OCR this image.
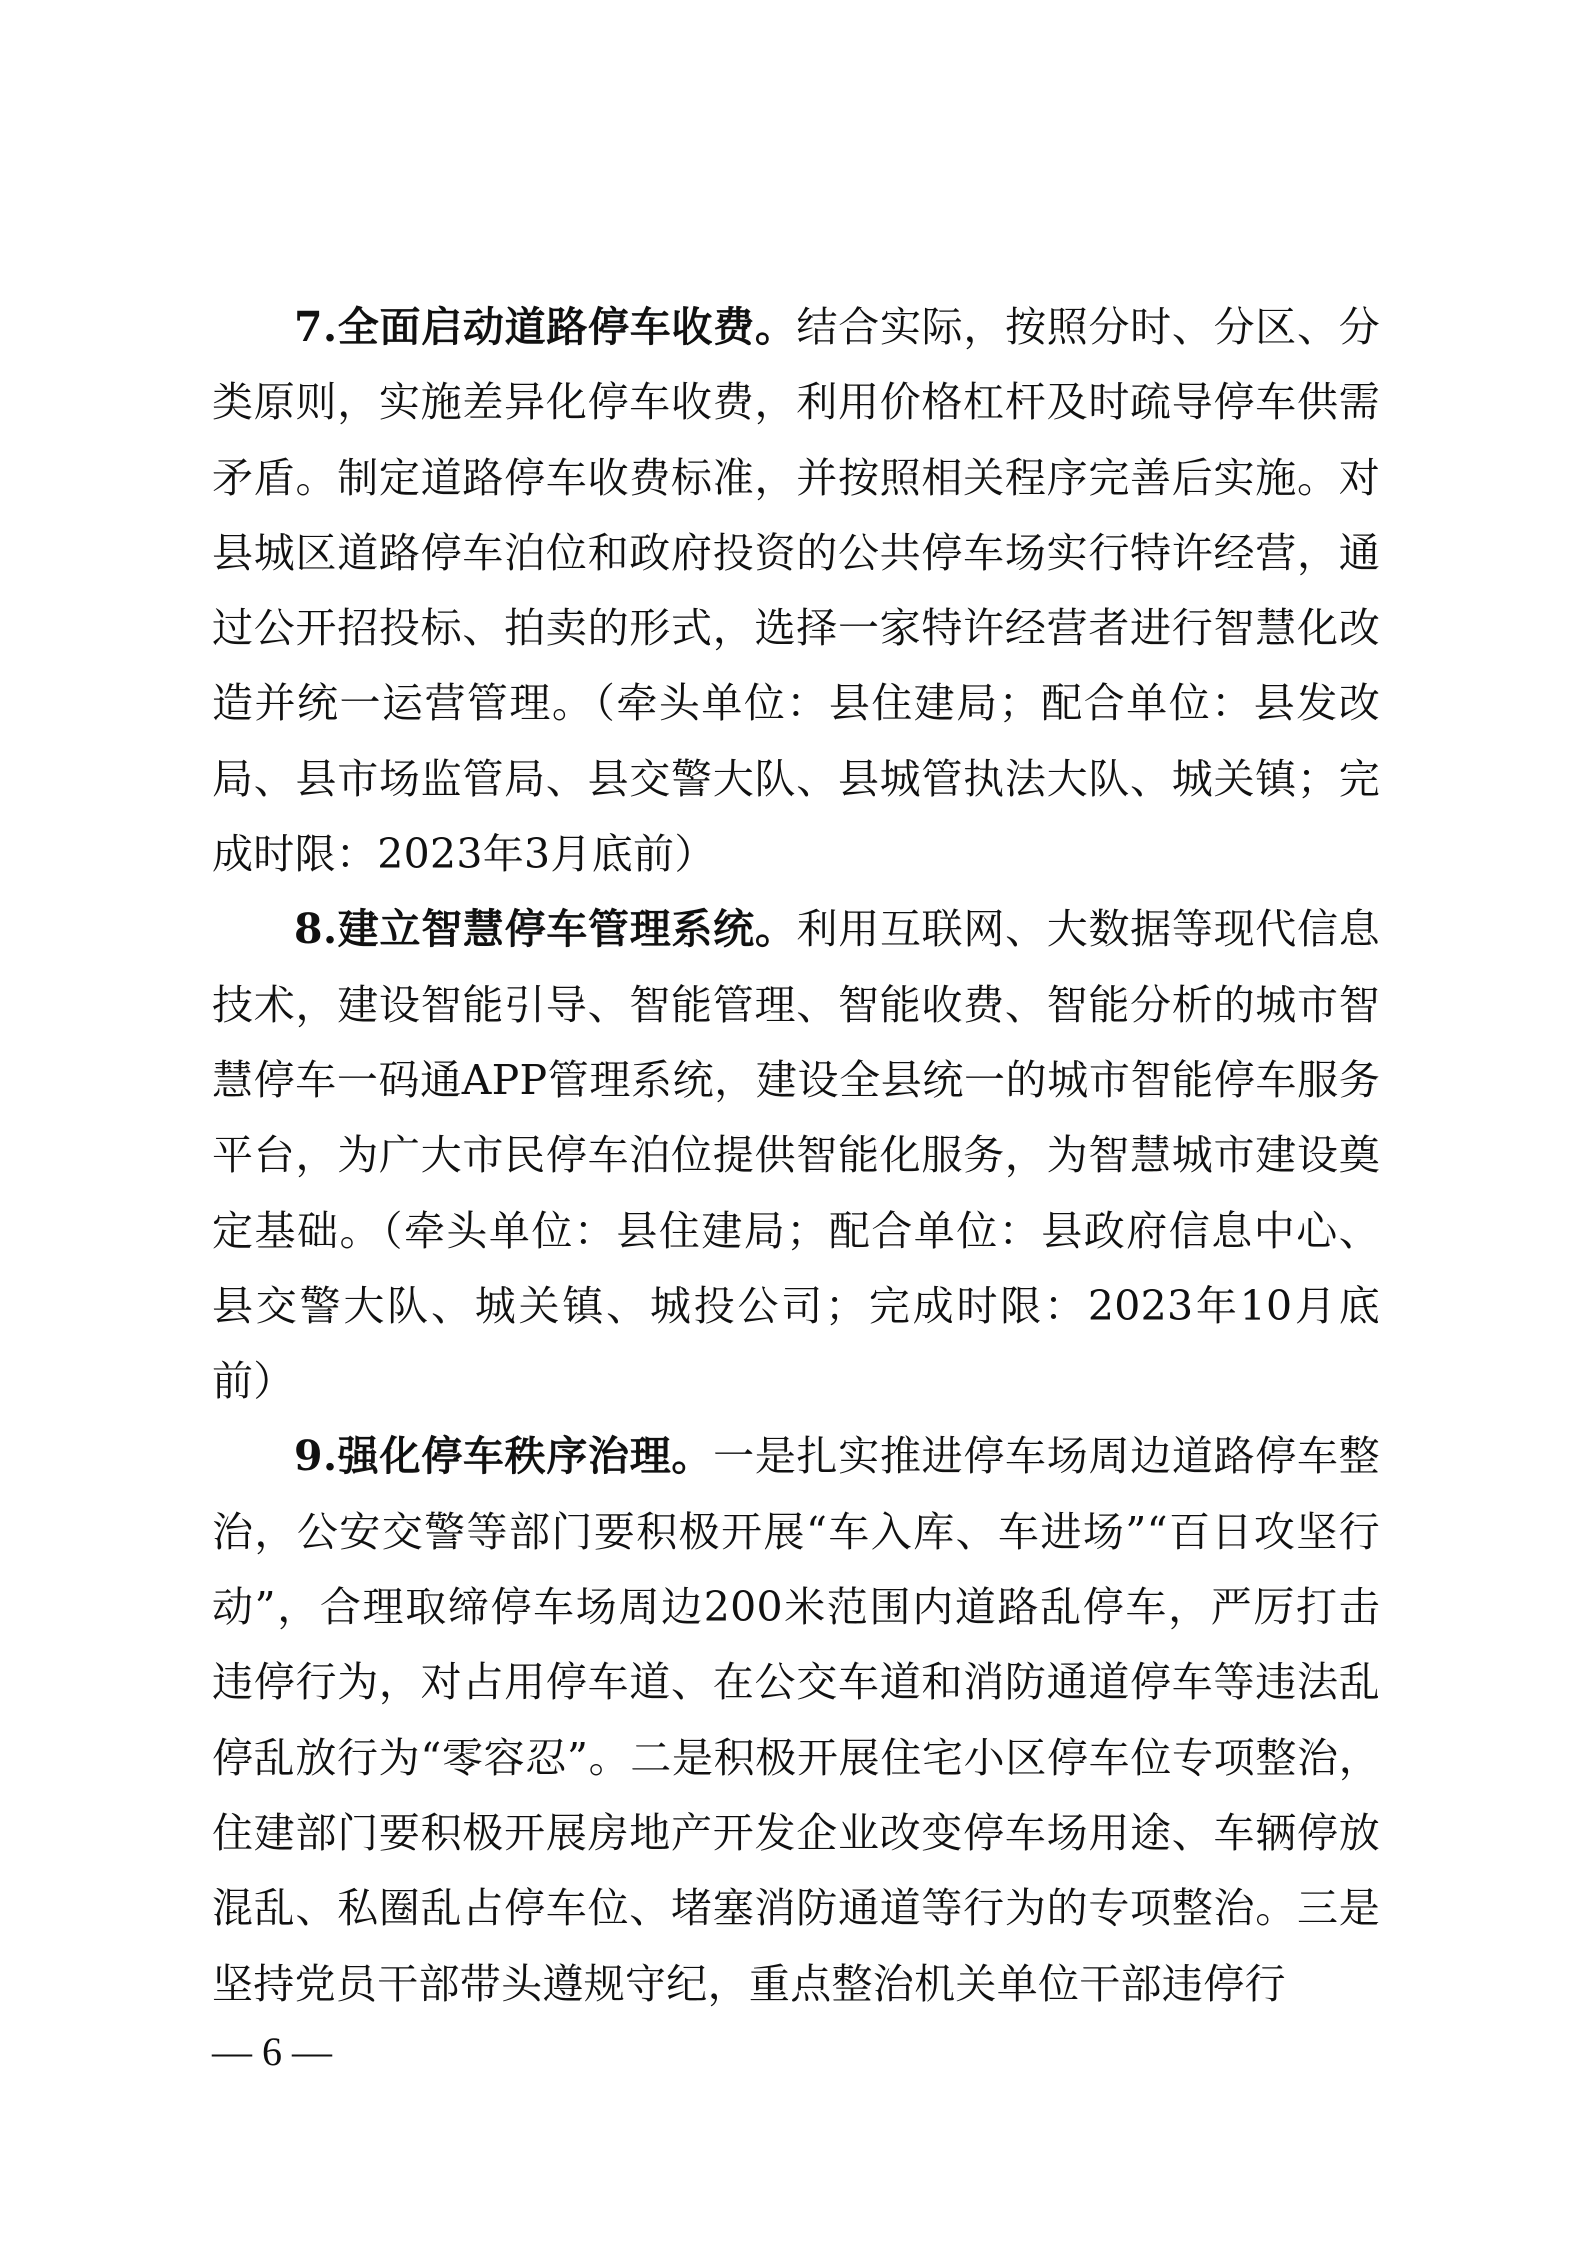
7.全面启动道路停车收费。结合实际，按照分时、分区、分类原则，实施差异化停车收费，利用价格杠杆及时疏导停车供需矛盾。制定道路停车收费标准，并按照相关程序完善后实施。对县城区道路停车泊位和政府投资的公共停车场实行特许经营，通过公开招投标、拍卖的形式，选择一家特许经营者进行智慧化改造并统一运营管理。（牵头单位：县住建局；配合单位：县发改局、县市场监管局、县交警大队、县城管执法大队、城关镇；完成时限：2023年3月底前）

8.建立智慧停车管理系统。利用互联网、大数据等现代信息技术，建设智能引导、智能管理、智能收费、智能分析的城市智慧停车一码通APP管理系统，建设全县统一的城市智能停车服务平台，为广大市民停车泊位提供智能化服务，为智慧城市建设奠定基础。（牵头单位：县住建局；配合单位：县政府信息中心、县交警大队、城关镇、城投公司；完成时限：2023年10月底前）

9.强化停车秩序治理。一是扎实推进停车场周边道路停车整治，公安交警等部门要积极开展“车入库、车进场”“百日攻坚行动”，合理取缔停车场周边200米范围内道路乱停车，严厉打击违停行为，对占用停车道、在公交车道和消防通道停车等违法乱停乱放行为“零容忍”。二是积极开展住宅小区停车位专项整治，住建部门要积极开展房地产开发企业改变停车场用途、车辆停放混乱、私圈乱占停车位、堵塞消防通道等行为的专项整治。三是坚持党员干部带头遵规守纪，重点整治机关单位干部违停行

— 6 —
